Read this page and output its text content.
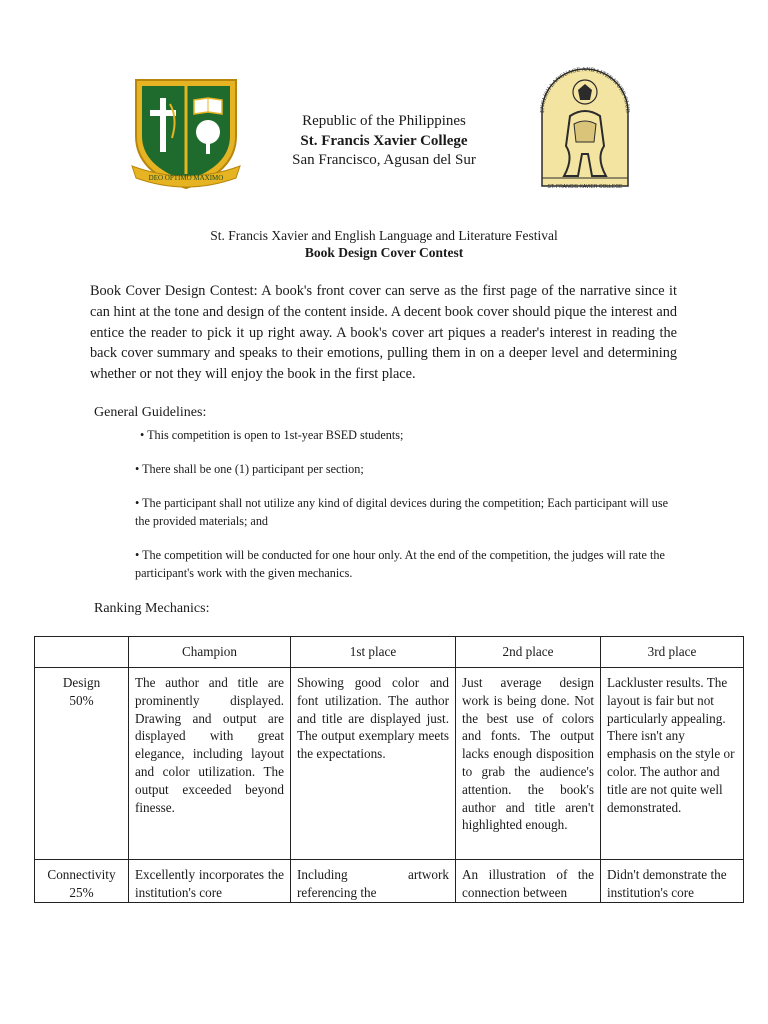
DEO OPTIMO MAXIMO
Republic of the Philippines
St. Francis Xavier College
San Francisco, Agusan del Sur
ENGLISH LANGUAGE AND LITERATURE CLUB
ST. FRANCIS XAVIER COLLEGE
St. Francis Xavier and English Language and Literature Festival
Book Design Cover Contest

Book Cover Design Contest: A book's front cover can serve as the first page of the narrative since it can hint at the tone and design of the content inside. A decent book cover should pique the interest and entice the reader to pick it up right away. A book's cover art piques a reader's interest in reading the back cover summary and speaks to their emotions, pulling them in on a deeper level and determining whether or not they will enjoy the book in the first place.

General Guidelines:
• This competition is open to 1st-year BSED students;
• There shall be one (1) participant per section;
• The participant shall not utilize any kind of digital devices during the competition; Each participant will use the provided materials; and
• The competition will be conducted for one hour only. At the end of the competition, the judges will rate the participant's work with the given mechanics.
Ranking Mechanics:
	Champion	1st place	2nd place	3rd place

Design
50%	The author and title are prominently displayed. Drawing and output are displayed with great elegance, including layout and color utilization. The output exceeded beyond finesse.	Showing good color and font utilization. The author and title are displayed just. The output exemplary meets the expectations.	Just average design work is being done. Not the best use of colors and fonts. The output lacks enough disposition to grab the audience's attention. the book's author and title aren't highlighted enough.	Lackluster results. The layout is fair but not particularly appealing. There isn't any emphasis on the style or color. The author and title are not quite well demonstrated.

Connectivity
25%	Excellently incorporates the institution's core	Including artwork referencing the	An illustration of the connection between	Didn't demonstrate the institution's core
